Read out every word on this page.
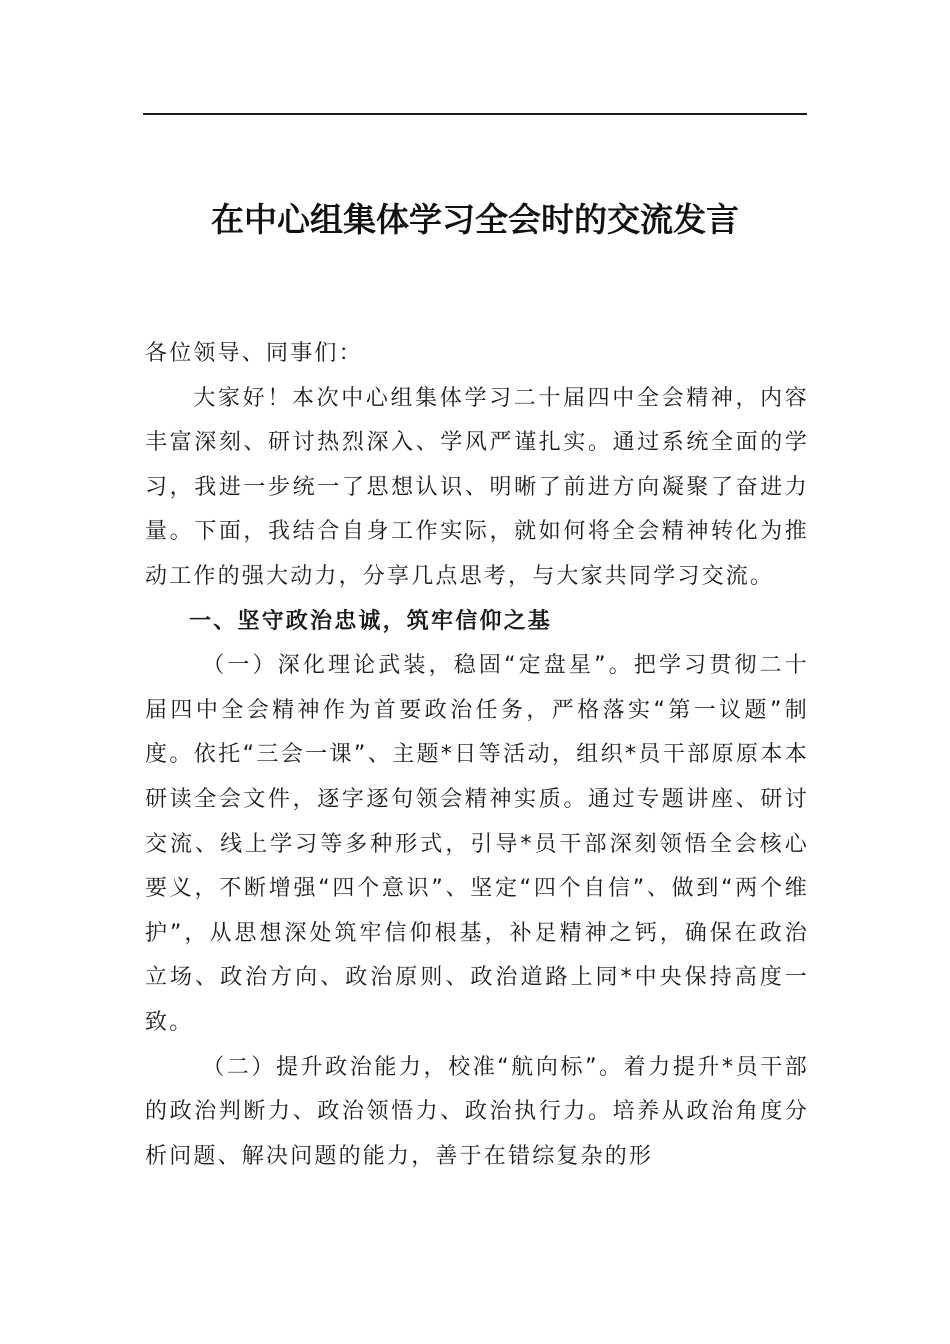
在中心组集体学习全会时的交流发言

各位领导、同事们：

大家好！本次中心组集体学习二十届四中全会精神，内容丰富深刻、研讨热烈深入、学风严谨扎实。通过系统全面的学习，我进一步统一了思想认识、明晰了前进方向凝聚了奋进力量。下面，我结合自身工作实际，就如何将全会精神转化为推动工作的强大动力，分享几点思考，与大家共同学习交流。

一、坚守政治忠诚，筑牢信仰之基

（一）深化理论武装，稳固“定盘星”。把学习贯彻二十届四中全会精神作为首要政治任务，严格落实“第一议题”制度。依托“三会一课”、主题*日等活动，组织*员干部原原本本研读全会文件，逐字逐句领会精神实质。通过专题讲座、研讨交流、线上学习等多种形式，引导*员干部深刻领悟全会核心要义，不断增强“四个意识”、坚定“四个自信”、做到“两个维护”，从思想深处筑牢信仰根基，补足精神之钙，确保在政治立场、政治方向、政治原则、政治道路上同*中央保持高度一致。

（二）提升政治能力，校准“航向标”。着力提升*员干部的政治判断力、政治领悟力、政治执行力。培养从政治角度分析问题、解决问题的能力，善于在错综复杂的形
